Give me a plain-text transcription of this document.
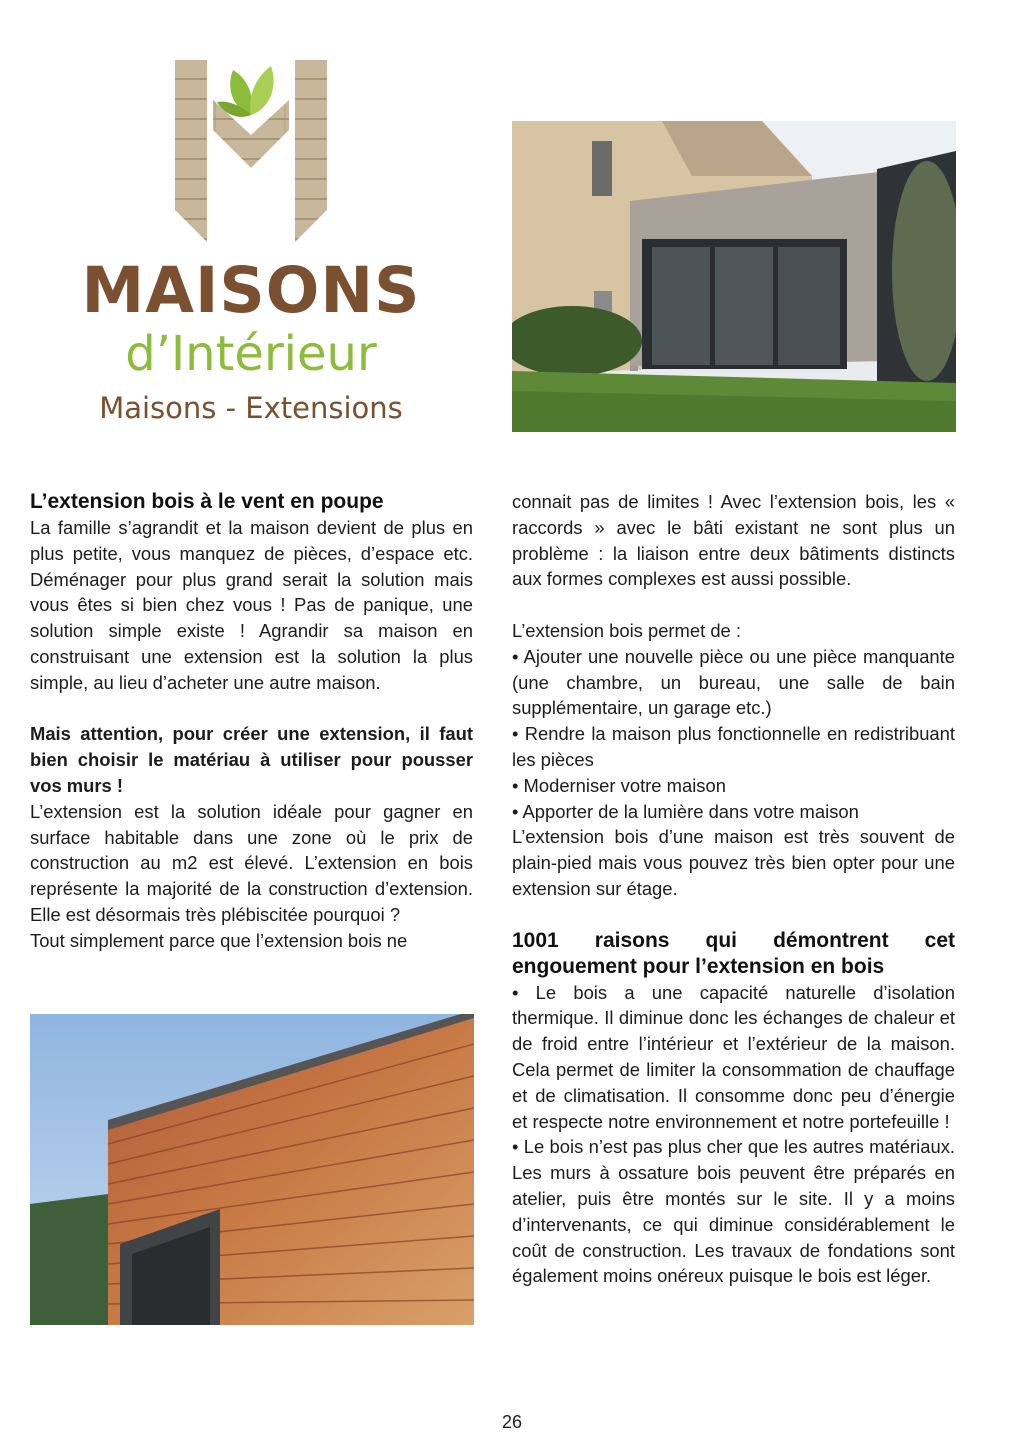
MAISONS
d’Intérieur
Maisons - Extensions

L’extension bois à le vent en poupe

La famille s’agrandit et la maison devient de plus en plus petite, vous manquez de pièces, d’espace etc. Déménager pour plus grand serait la solution mais vous êtes si bien chez vous ! Pas de panique, une solution simple existe ! Agrandir sa maison en construisant une extension est la solution la plus simple, au lieu d’acheter une autre maison.

Mais attention, pour créer une extension, il faut bien choisir le matériau à utiliser pour pousser vos murs !

L’extension est la solution idéale pour gagner en surface habitable dans une zone où le prix de construction au m2 est élevé. L’extension en bois représente la majorité de la construction d’extension. Elle est désormais très plébiscitée pourquoi ?

Tout simplement parce que l’extension bois ne

connait pas de limites ! Avec l’extension bois, les « raccords » avec le bâti existant ne sont plus un problème : la liaison entre deux bâtiments distincts aux formes complexes est aussi possible.

L’extension bois permet de :

• Ajouter une nouvelle pièce ou une pièce manquante (une chambre, un bureau, une salle de bain supplémentaire, un garage etc.)

• Rendre la maison plus fonctionnelle en redistribuant les pièces

• Moderniser votre maison

• Apporter de la lumière dans votre maison

L’extension bois d’une maison est très souvent de plain-pied mais vous pouvez très bien opter pour une extension sur étage.

1001 raisons qui démontrent cet engouement pour l’extension en bois

• Le bois a une capacité naturelle d’isolation thermique. Il diminue donc les échanges de chaleur et de froid entre l’intérieur et l’extérieur de la maison. Cela permet de limiter la consommation de chauffage et de climatisation. Il consomme donc peu d’énergie et respecte notre environnement et notre portefeuille !

• Le bois n’est pas plus cher que les autres matériaux. Les murs à ossature bois peuvent être préparés en atelier, puis être montés sur le site. Il y a moins d’intervenants, ce qui diminue considérablement le coût de construction. Les travaux de fondations sont également moins onéreux puisque le bois est léger.

26
